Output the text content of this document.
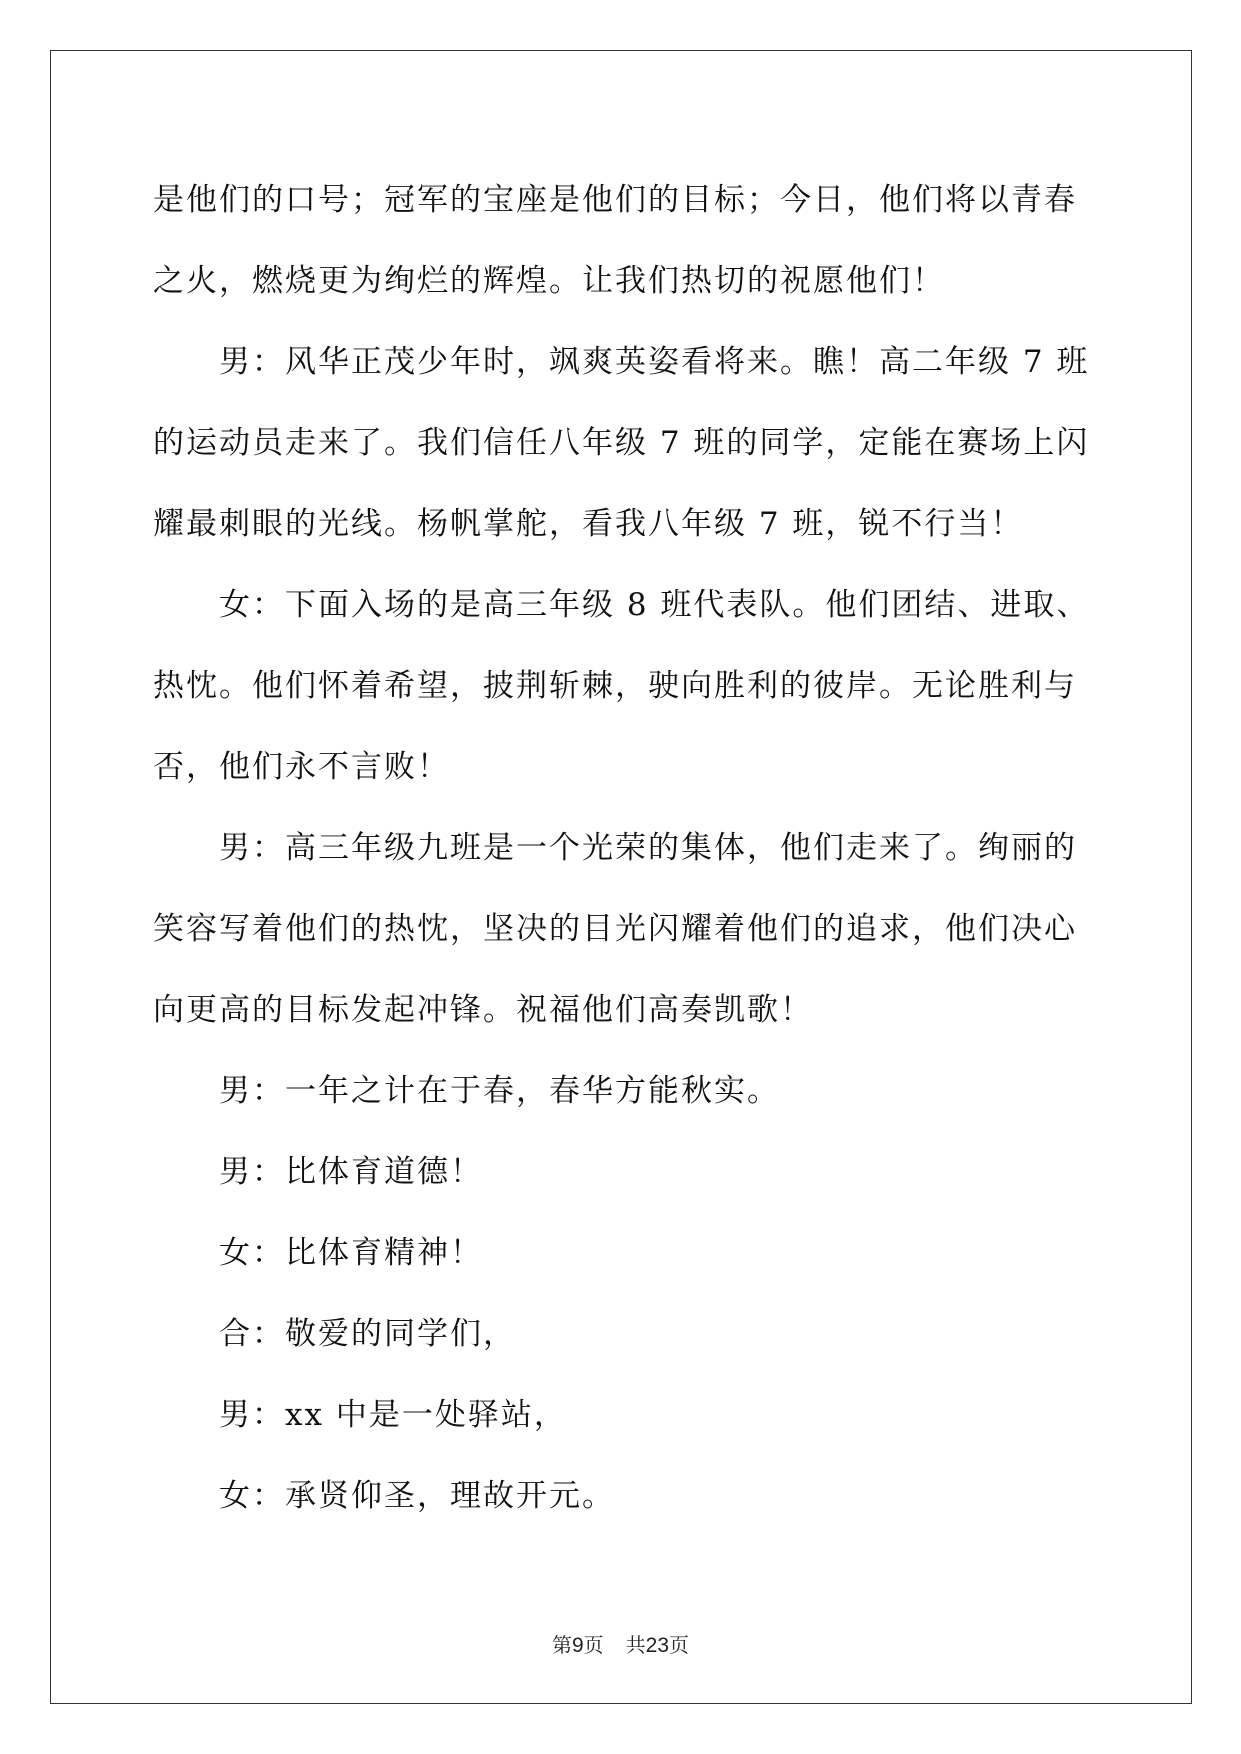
是他们的口号；冠军的宝座是他们的目标；今日，他们将以青春之火，燃烧更为绚烂的辉煌。让我们热切的祝愿他们！

　　男：风华正茂少年时，飒爽英姿看将来。瞧！高二年级 7 班的运动员走来了。我们信任八年级 7 班的同学，定能在赛场上闪耀最刺眼的光线。杨帆掌舵，看我八年级 7 班，锐不行当！

　　女：下面入场的是高三年级 8 班代表队。他们团结、进取、热忱。他们怀着希望，披荆斩棘，驶向胜利的彼岸。无论胜利与否，他们永不言败！

　　男：高三年级九班是一个光荣的集体，他们走来了。绚丽的笑容写着他们的热忱，坚决的目光闪耀着他们的追求，他们决心向更高的目标发起冲锋。祝福他们高奏凯歌！

　　男：一年之计在于春，春华方能秋实。

　　男：比体育道德！

　　女：比体育精神！

　　合：敬爱的同学们，

　　男：xx 中是一处驿站，

　　女：承贤仰圣，理故开元。

第9页 共23页
